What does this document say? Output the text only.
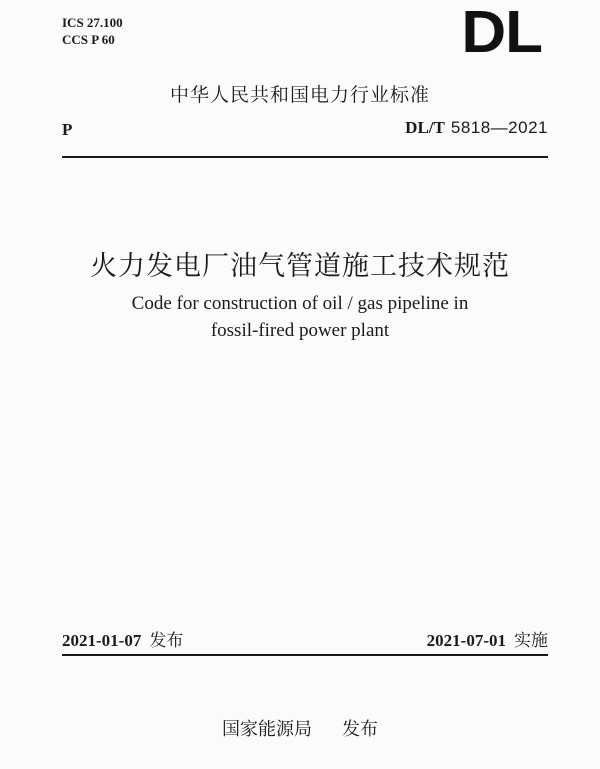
ICS 27.100
CCS P 60	DL
中华人民共和国电力行业标准
P	DL/T 5818—2021
火力发电厂油气管道施工技术规范
Code for construction of oil / gas pipeline in
fossil-fired power plant
2021-01-07 发布	2021-07-01 实施
国家能源局 发布
